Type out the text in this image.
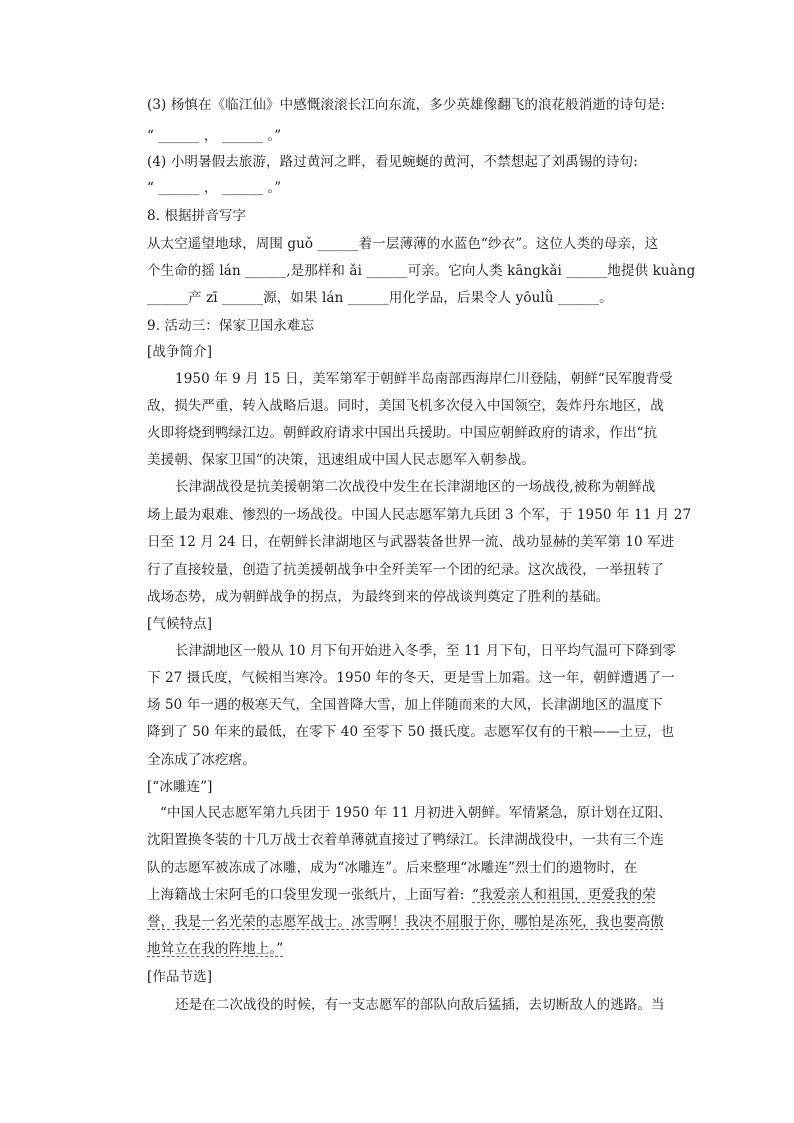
(3) 杨慎在《临江仙》中感慨滚滚长江向东流，多少英雄像翻飞的浪花般消逝的诗句是:
“ ______ ， ______ 。”
(4) 小明暑假去旅游，路过黄河之畔，看见蜿蜒的黄河，不禁想起了刘禹锡的诗句:
“ ______ ， ______ 。”
8. 根据拼音写字
从太空遥望地球，周围 guǒ ______着一层薄薄的水蓝色“纱衣”。这位人类的母亲，这
个生命的摇 lán ______,是那样和 ǎi ______可亲。它向人类 kāngkǎi ______地提供 kuàng
______产 zī ______源，如果 lán ______用化学品，后果令人 yōulǜ ______。
9. 活动三：保家卫国永难忘
[战争简介]
1950 年 9 月 15 日，美军第军于朝鲜半岛南部西海岸仁川登陆，朝鲜“民军腹背受
敌，损失严重，转入战略后退。同时，美国飞机多次侵入中国领空，轰炸丹东地区，战
火即将烧到鸭绿江边。朝鲜政府请求中国出兵援助。中国应朝鲜政府的请求，作出“抗
美援朝、保家卫国“的决策，迅速组成中国人民志愿军入朝参战。
长津湖战役是抗美援朝第二次战役中发生在长津湖地区的一场战役,被称为朝鲜战
场上最为艰难、惨烈的一场战役。中国人民志愿军第九兵团 3 个军，于 1950 年 11 月 27
日至 12 月 24 日，在朝鲜长津湖地区与武器装备世界一流、战功显赫的美军第 10 军进
行了直接较量，创造了抗美援朝战争中全歼美军一个团的纪录。这次战役，一举扭转了
战场态势，成为朝鲜战争的拐点，为最终到来的停战谈判奠定了胜利的基础。
[气候特点]
长津湖地区一般从 10 月下旬开始进入冬季，至 11 月下旬，日平均气温可下降到零
下 27 摄氏度，气候相当寒冷。1950 年的冬天，更是雪上加霜。这一年，朝鲜遭遇了一
场 50 年一遇的极寒天气，全国普降大雪，加上伴随而来的大风，长津湖地区的温度下
降到了 50 年来的最低，在零下 40 至零下 50 摄氏度。志愿军仅有的干粮——土豆，也
全冻成了冰疙瘩。
[“冰雕连”]
“中国人民志愿军第九兵团于 1950 年 11 月初进入朝鲜。军情紧急，原计划在辽阳、
沈阳置换冬装的十几万战士衣着单薄就直接过了鸭绿江。长津湖战役中，一共有三个连
队的志愿军被冻成了冰雕，成为“冰雕连”。后来整理“冰雕连”烈士们的遗物时，在
上海籍战士宋阿毛的口袋里发现一张纸片，上面写着: “我爱亲人和祖国，更爱我的荣
誉，我是一名光荣的志愿军战士。冰雪啊！我决不屈服于你，哪怕是冻死，我也要高傲
地耸立在我的阵地上。”
[作品节选]
还是在二次战役的时候，有一支志愿军的部队向敌后猛插，去切断敌人的逃路。当
